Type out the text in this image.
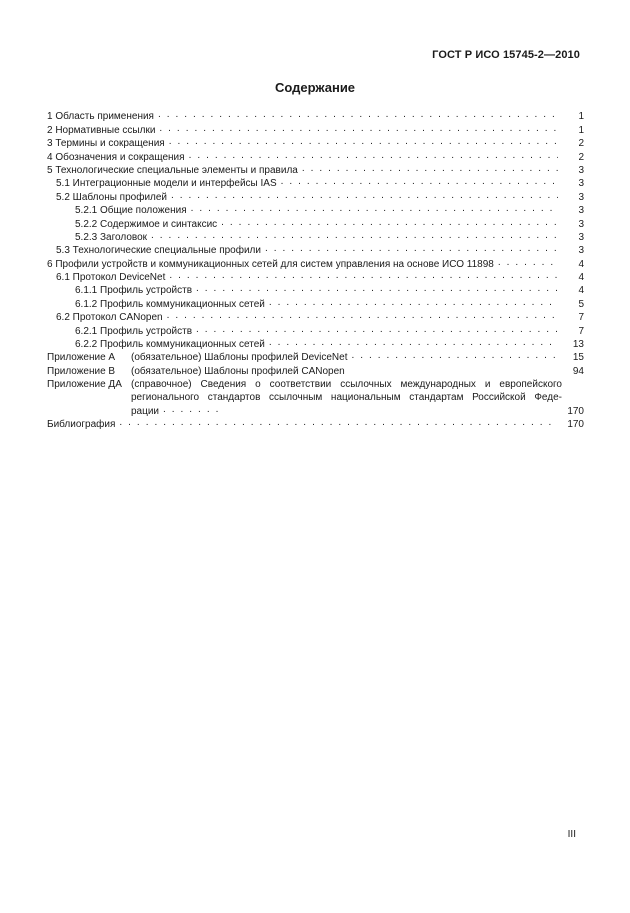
ГОСТ Р ИСО 15745-2—2010
Содержание
1 Область применения . . .	1
2 Нормативные ссылки . . .	1
3 Термины и сокращения . . .	2
4 Обозначения и сокращения . . .	2
5 Технологические специальные элементы и правила . . .	3
5.1 Интеграционные модели и интерфейсы IAS . . .	3
5.2 Шаблоны профилей . . .	3
5.2.1 Общие положения . . .	3
5.2.2 Содержимое и синтаксис . . .	3
5.2.3 Заголовок . . .	3
5.3 Технологические специальные профили . . .	3
6 Профили устройств и коммуникационных сетей для систем управления на основе ИСО 11898 . . .	4
6.1 Протокол DeviceNet . . .	4
6.1.1 Профиль устройств . . .	4
6.1.2 Профиль коммуникационных сетей . . .	5
6.2 Протокол CANopen . . .	7
6.2.1 Профиль устройств . . .	7
6.2.2 Профиль коммуникационных сетей . . .	13
Приложение А	(обязательное) Шаблоны профилей DeviceNet . . .	15
Приложение В	(обязательное) Шаблоны профилей CANopen	94
Приложение ДА (справочное) Сведения о соответствии ссылочных международных и европейского
регионального стандартов ссылочным национальным стандартам Российской Феде-
рации . . .	170
Библиография . . .	170
III
